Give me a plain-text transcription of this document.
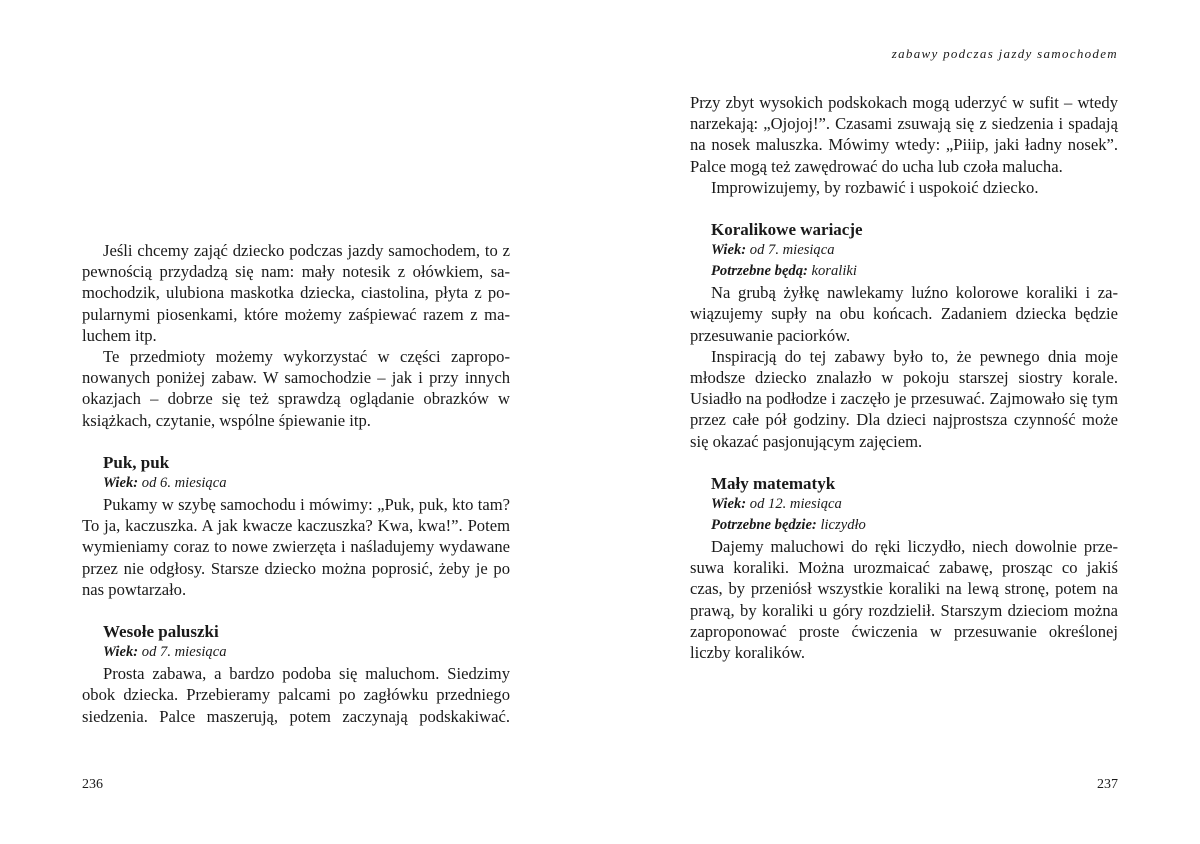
Jeśli chcemy zająć dziecko podczas jazdy samochodem, to z pewnością przydadzą się nam: mały notesik z ołówkiem, samochodzik, ulubiona maskotka dziecka, ciastolina, płyta z popularnymi piosenkami, które możemy zaśpiewać razem z maluchem itp.

Te przedmioty możemy wykorzystać w części zaproponowanych poniżej zabaw. W samochodzie – jak i przy innych okazjach – dobrze się też sprawdzą oglądanie obrazków w książkach, czytanie, wspólne śpiewanie itp.

Puk, puk
Wiek: od 6. miesiąca

Pukamy w szybę samochodu i mówimy: „Puk, puk, kto tam? To ja, kaczuszka. A jak kwacze kaczuszka? Kwa, kwa!”. Potem wymieniamy coraz to nowe zwierzęta i naśladujemy wydawane przez nie odgłosy. Starsze dziecko można poprosić, żeby je po nas powtarzało.

Wesołe paluszki
Wiek: od 7. miesiąca

Prosta zabawa, a bardzo podoba się maluchom. Siedzimy obok dziecka. Przebieramy palcami po zagłówku przedniego siedzenia. Palce maszerują, potem zaczynają podskakiwać.

236
zabawy podczas jazdy samochodem

Przy zbyt wysokich podskokach mogą uderzyć w sufit – wtedy narzekają: „Ojojoj!”. Czasami zsuwają się z siedzenia i spadają na nosek maluszka. Mówimy wtedy: „Piiip, jaki ładny nosek”. Palce mogą też zawędrować do ucha lub czoła malucha.

Improwizujemy, by rozbawić i uspokoić dziecko.

Koralikowe wariacje
Wiek: od 7. miesiąca
Potrzebne będą: koraliki

Na grubą żyłkę nawlekamy luźno kolorowe koraliki i zawiązujemy supły na obu końcach. Zadaniem dziecka będzie przesuwanie paciorków.

Inspiracją do tej zabawy było to, że pewnego dnia moje młodsze dziecko znalazło w pokoju starszej siostry korale. Usiadło na podłodze i zaczęło je przesuwać. Zajmowało się tym przez całe pół godziny. Dla dzieci najprostsza czynność może się okazać pasjonującym zajęciem.

Mały matematyk
Wiek: od 12. miesiąca
Potrzebne będzie: liczydło

Dajemy maluchowi do ręki liczydło, niech dowolnie przesuwa koraliki. Można urozmaicać zabawę, prosząc co jakiś czas, by przeniósł wszystkie koraliki na lewą stronę, potem na prawą, by koraliki u góry rozdzielił. Starszym dzieciom można zaproponować proste ćwiczenia w przesuwanie określonej liczby koralików.

237
